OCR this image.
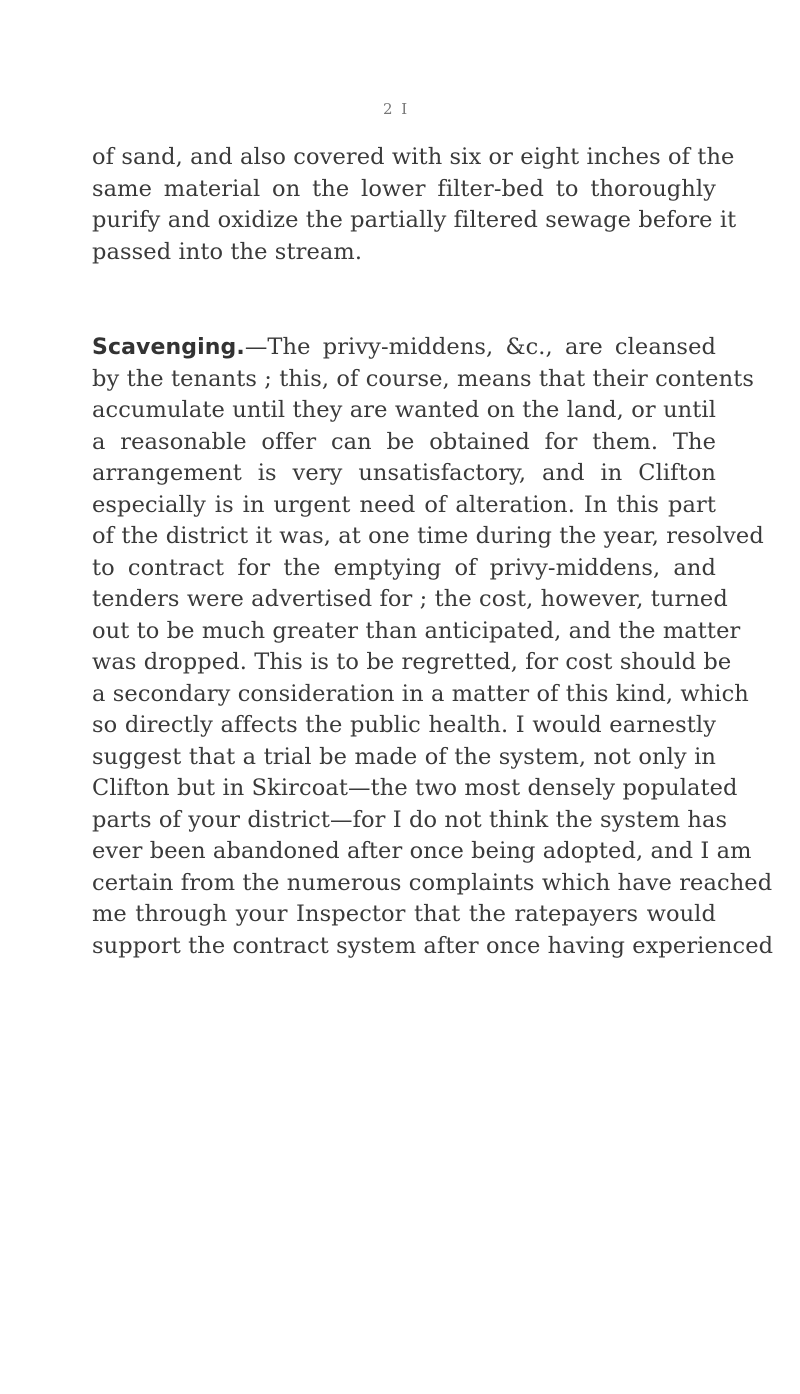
2 I
of sand, and also covered with six or eight inches of the
same material on the lower filter-bed to thoroughly
purify and oxidize the partially filtered sewage before it
passed into the stream.
Scavenging.—The privy-middens, &c., are cleansed
by the tenants ; this, of course, means that their contents
accumulate until they are wanted on the land, or until
a reasonable offer can be obtained for them. The
arrangement is very unsatisfactory, and in Clifton
especially is in urgent need of alteration. In this part
of the district it was, at one time during the year, resolved
to contract for the emptying of privy-middens, and
tenders were advertised for ; the cost, however, turned
out to be much greater than anticipated, and the matter
was dropped. This is to be regretted, for cost should be
a secondary consideration in a matter of this kind, which
so directly affects the public health. I would earnestly
suggest that a trial be made of the system, not only in
Clifton but in Skircoat—the two most densely populated
parts of your district—for I do not think the system has
ever been abandoned after once being adopted, and I am
certain from the numerous complaints which have reached
me through your Inspector that the ratepayers would
support the contract system after once having experienced
